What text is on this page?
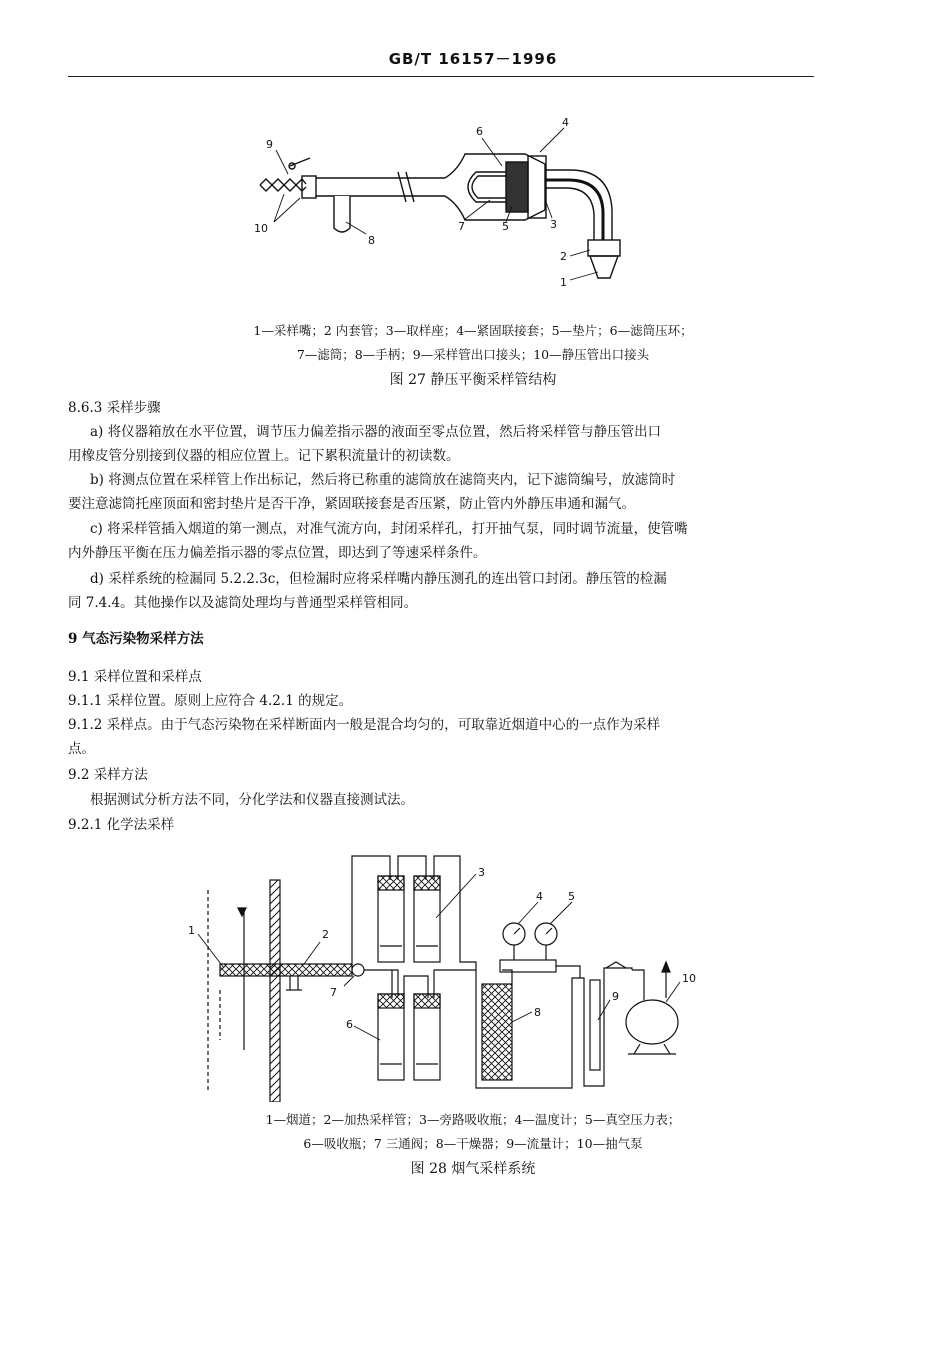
GB/T 16157－1996
9
10
8
6
4
7	5	3
2
1
1—采样嘴；2 内套管；3—取样座；4—紧固联接套；5—垫片；6—滤筒压环；
7—滤筒；8—手柄；9—采样管出口接头；10—静压管出口接头
图 27 静压平衡采样管结构
8.6.3 采样步骤
a) 将仪器箱放在水平位置，调节压力偏差指示器的液面至零点位置，然后将采样管与静压管出口
用橡皮管分别接到仪器的相应位置上。记下累积流量计的初读数。
b) 将测点位置在采样管上作出标记，然后将已称重的滤筒放在滤筒夹内，记下滤筒编号，放滤筒时
要注意滤筒托座顶面和密封垫片是否干净，紧固联接套是否压紧，防止管内外静压串通和漏气。
c) 将采样管插入烟道的第一测点，对准气流方向，封闭采样孔，打开抽气泵，同时调节流量，使管嘴
内外静压平衡在压力偏差指示器的零点位置，即达到了等速采样条件。
d) 采样系统的检漏同 5.2.2.3c，但检漏时应将采样嘴内静压测孔的连出管口封闭。静压管的检漏
同 7.4.4。其他操作以及滤筒处理均与普通型采样管相同。
9 气态污染物采样方法
9.1 采样位置和采样点
9.1.1 采样位置。原则上应符合 4.2.1 的规定。
9.1.2 采样点。由于气态污染物在采样断面内一般是混合均匀的，可取靠近烟道中心的一点作为采样
点。
9.2 采样方法
根据测试分析方法不同，分化学法和仪器直接测试法。
9.2.1 化学法采样
1	2
3
4 5
6
7
8
9
10
1—烟道；2—加热采样管；3—旁路吸收瓶；4—温度计；5—真空压力表；
6—吸收瓶；7 三通阀；8—干燥器；9—流量计；10—抽气泵
图 28 烟气采样系统
